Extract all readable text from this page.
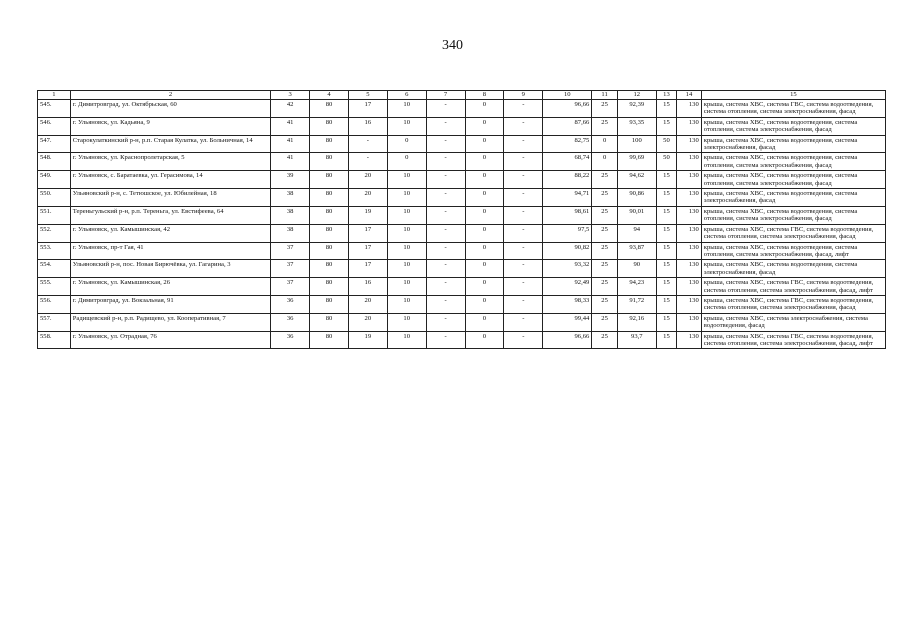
340
1	2	3	4	5	6	7	8	9	10	11	12	13	14	15
545.	г. Димитровград, ул. Октябрьская, 60	42	80	17	10	-	0	-	96,66	25	92,39	15	130	крыша, система ХВС, система ГВС, система водоотведения, система отопления, система электроснабжения, фасад
546.	г. Ульяновск, ул. Кадьяна, 9	41	80	16	10	-	0	-	87,66	25	93,35	15	130	крыша, система ХВС, система водоотведения, система отопления, система электроснабжения, фасад
547.	Старокулаткинский р-н, р.п. Старая Кулатка, ул. Больничная, 14	41	80	-	0	-	0	-	82,75	0	100	50	130	крыша, система ХВС, система водоотведения, система электроснабжения, фасад
548.	г. Ульяновск, ул. Краснопролетарская, 5	41	80	-	0	-	0	-	68,74	0	99,69	50	130	крыша, система ХВС, система водоотведения, система отопления, система электроснабжения, фасад
549.	г. Ульяновск, с. Баратаевка, ул. Герасимова, 14	39	80	20	10	-	0	-	88,22	25	94,62	15	130	крыша, система ХВС, система водоотведения, система отопления, система электроснабжения, фасад
550.	Ульяновский р-н, с. Тетюшское, ул. Юбилейная, 18	38	80	20	10	-	0	-	94,71	25	90,86	15	130	крыша, система ХВС, система водоотведения, система электроснабжения, фасад
551.	Тереньгульский р-н, р.п. Тереньга, ул. Евстифеева, 64	38	80	19	10	-	0	-	98,61	25	90,01	15	130	крыша, система ХВС, система водоотведения, система отопления, система электроснабжения, фасад
552.	г. Ульяновск, ул. Камышинская, 42	38	80	17	10	-	0	-	97,5	25	94	15	130	крыша, система ХВС, система ГВС, система водоотведения, система отопления, система электроснабжения, фасад
553.	г. Ульяновск, пр-т Гая, 41	37	80	17	10	-	0	-	90,82	25	93,87	15	130	крыша, система ХВС, система водоотведения, система отопления, система электроснабжения, фасад, лифт
554.	Ульяновский р-н, пос. Новая Бирючёвка, ул. Гагарина, 3	37	80	17	10	-	0	-	93,32	25	90	15	130	крыша, система ХВС, система водоотведения, система электроснабжения, фасад
555.	г. Ульяновск, ул. Камышинская, 26	37	80	16	10	-	0	-	92,49	25	94,23	15	130	крыша, система ХВС, система ГВС, система водоотведения, система отопления, система электроснабжения, фасад, лифт
556.	г. Димитровград, ул. Вокзальная, 91	36	80	20	10	-	0	-	98,33	25	91,72	15	130	крыша, система ХВС, система ГВС, система водоотведения, система отопления, система электроснабжения, фасад
557.	Радищевский р-н, р.п. Радищево, ул. Кооперативная, 7	36	80	20	10	-	0	-	99,44	25	92,16	15	130	крыша, система ХВС, система электроснабжения, система водоотведения, фасад
558.	г. Ульяновск, ул. Отрадная, 76	36	80	19	10	-	0	-	96,66	25	93,7	15	130	крыша, система ХВС, система ГВС, система водоотведения, система отопления, система электроснабжения, фасад, лифт
